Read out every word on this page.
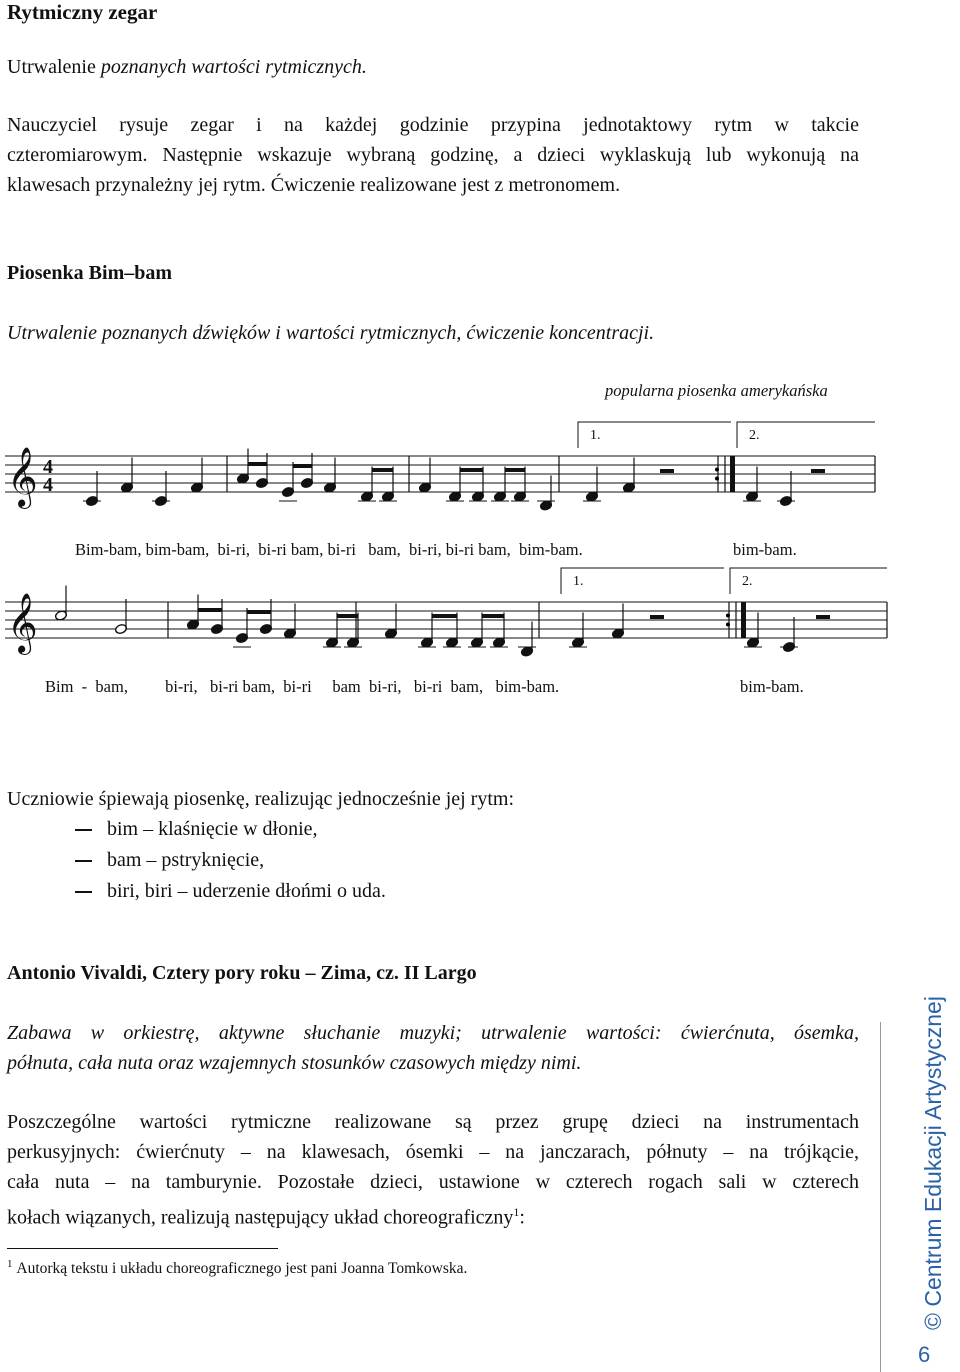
Rytmiczny zegar
Utrwalenie poznanych wartości rytmicznych.
Nauczyciel rysuje zegar i na każdej godzinie przypina jednotaktowy rytm w takcie
czteromiarowym. Następnie wskazuje wybraną godzinę, a dzieci wyklaskują lub wykonują na
klawesach przynależny jej rytm. Ćwiczenie realizowane jest z metronomem.
Piosenka Bim–bam
Utrwalenie poznanych dźwięków i wartości rytmicznych, ćwiczenie koncentracji.
popularna piosenka amerykańska
𝄞 4
4
1.	2.
𝄞
1.	2.
Bim-bam, bim-bam,  bi-ri,  bi-ri bam, bi-ri   bam,  bi-ri, bi-ri bam,  bim-bam.	bim-bam.
Bim  -  bam,         bi-ri,   bi-ri bam,  bi-ri     bam  bi-ri,   bi-ri  bam,   bim-bam.	bim-bam.
Uczniowie śpiewają piosenkę, realizując jednocześnie jej rytm:
bim – klaśnięcie w dłonie,
bam – pstryknięcie,
biri, biri – uderzenie dłońmi o uda.
Antonio Vivaldi, Cztery pory roku – Zima, cz. II Largo
Zabawa w orkiestrę, aktywne słuchanie muzyki; utrwalenie wartości: ćwierćnuta, ósemka,
półnuta, cała nuta oraz wzajemnych stosunków czasowych między nimi.
Poszczególne wartości rytmiczne realizowane są przez grupę dzieci na instrumentach
perkusyjnych: ćwierćnuty – na klawesach, ósemki – na janczarach, półnuty – na trójkącie,
cała nuta – na tamburynie. Pozostałe dzieci, ustawione w czterech rogach sali w czterech
kołach wiązanych, realizują następujący układ choreograficzny$^1$:
$^1$ Autorką tekstu i układu choreograficznego jest pani Joanna Tomkowska.	© Centrum Edukacji Artystycznej
6
